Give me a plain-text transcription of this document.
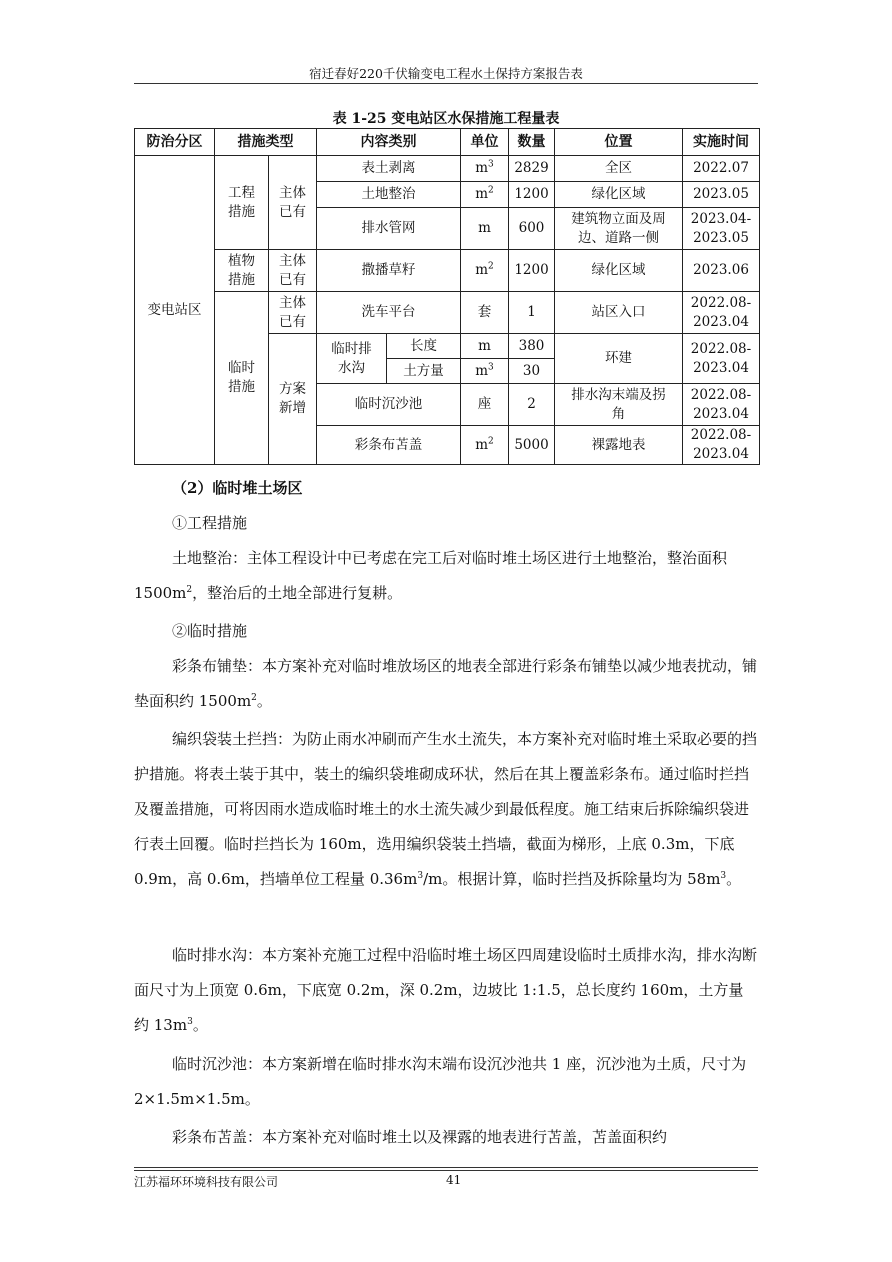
宿迁春好220千伏输变电工程水土保持方案报告表
表 1-25 变电站区水保措施工程量表
防治分区	措施类型		内容类别		单位	数量	位置	实施时间
变电站区	工程措施	主体已有	表土剥离		$m^3$	2829	全区	2022.07
			土地整治		$m^2$	1200	绿化区域	2023.05
			排水管网		m	600	建筑物立面及周边、道路一侧	2023.04-2023.05
	植物措施	主体已有	撒播草籽		$m^2$	1200	绿化区域	2023.06
	临时措施	主体已有	洗车平台		套	1	站区入口	2022.08-2023.04
		方案新增	临时排水沟	长度	m	380	环建	2022.08-2023.04
				土方量	$m^3$	30		
			临时沉沙池		座	2	排水沟末端及拐角	2022.08-2023.04
			彩条布苫盖		$m^2$	5000	裸露地表	2022.08-2023.04
（2）临时堆土场区
①工程措施
土地整治：主体工程设计中已考虑在完工后对临时堆土场区进行土地整治，整治面积 $1500m^2$，整治后的土地全部进行复耕。
②临时措施
彩条布铺垫：本方案补充对临时堆放场区的地表全部进行彩条布铺垫以减少地表扰动，铺垫面积约 $1500m^2$。
编织袋装土拦挡：为防止雨水冲刷而产生水土流失，本方案补充对临时堆土采取必要的挡护措施。将表土装于其中，装土的编织袋堆砌成环状，然后在其上覆盖彩条布。通过临时拦挡及覆盖措施，可将因雨水造成临时堆土的水土流失减少到最低程度。施工结束后拆除编织袋进行表土回覆。临时拦挡长为 160m，选用编织袋装土挡墙，截面为梯形，上底 0.3m，下底 0.9m，高 0.6m，挡墙单位工程量 $0.36m^3/m$。根据计算，临时拦挡及拆除量均为 $58m^3$。
临时排水沟：本方案补充施工过程中沿临时堆土场区四周建设临时土质排水沟，排水沟断面尺寸为上顶宽 0.6m，下底宽 0.2m，深 0.2m，边坡比 1:1.5，总长度约 160m，土方量约 $13m^3$。
临时沉沙池：本方案新增在临时排水沟末端布设沉沙池共 1 座，沉沙池为土质，尺寸为 2×1.5m×1.5m。
彩条布苫盖：本方案补充对临时堆土以及裸露的地表进行苫盖，苫盖面积约
江苏福环环境科技有限公司	41
